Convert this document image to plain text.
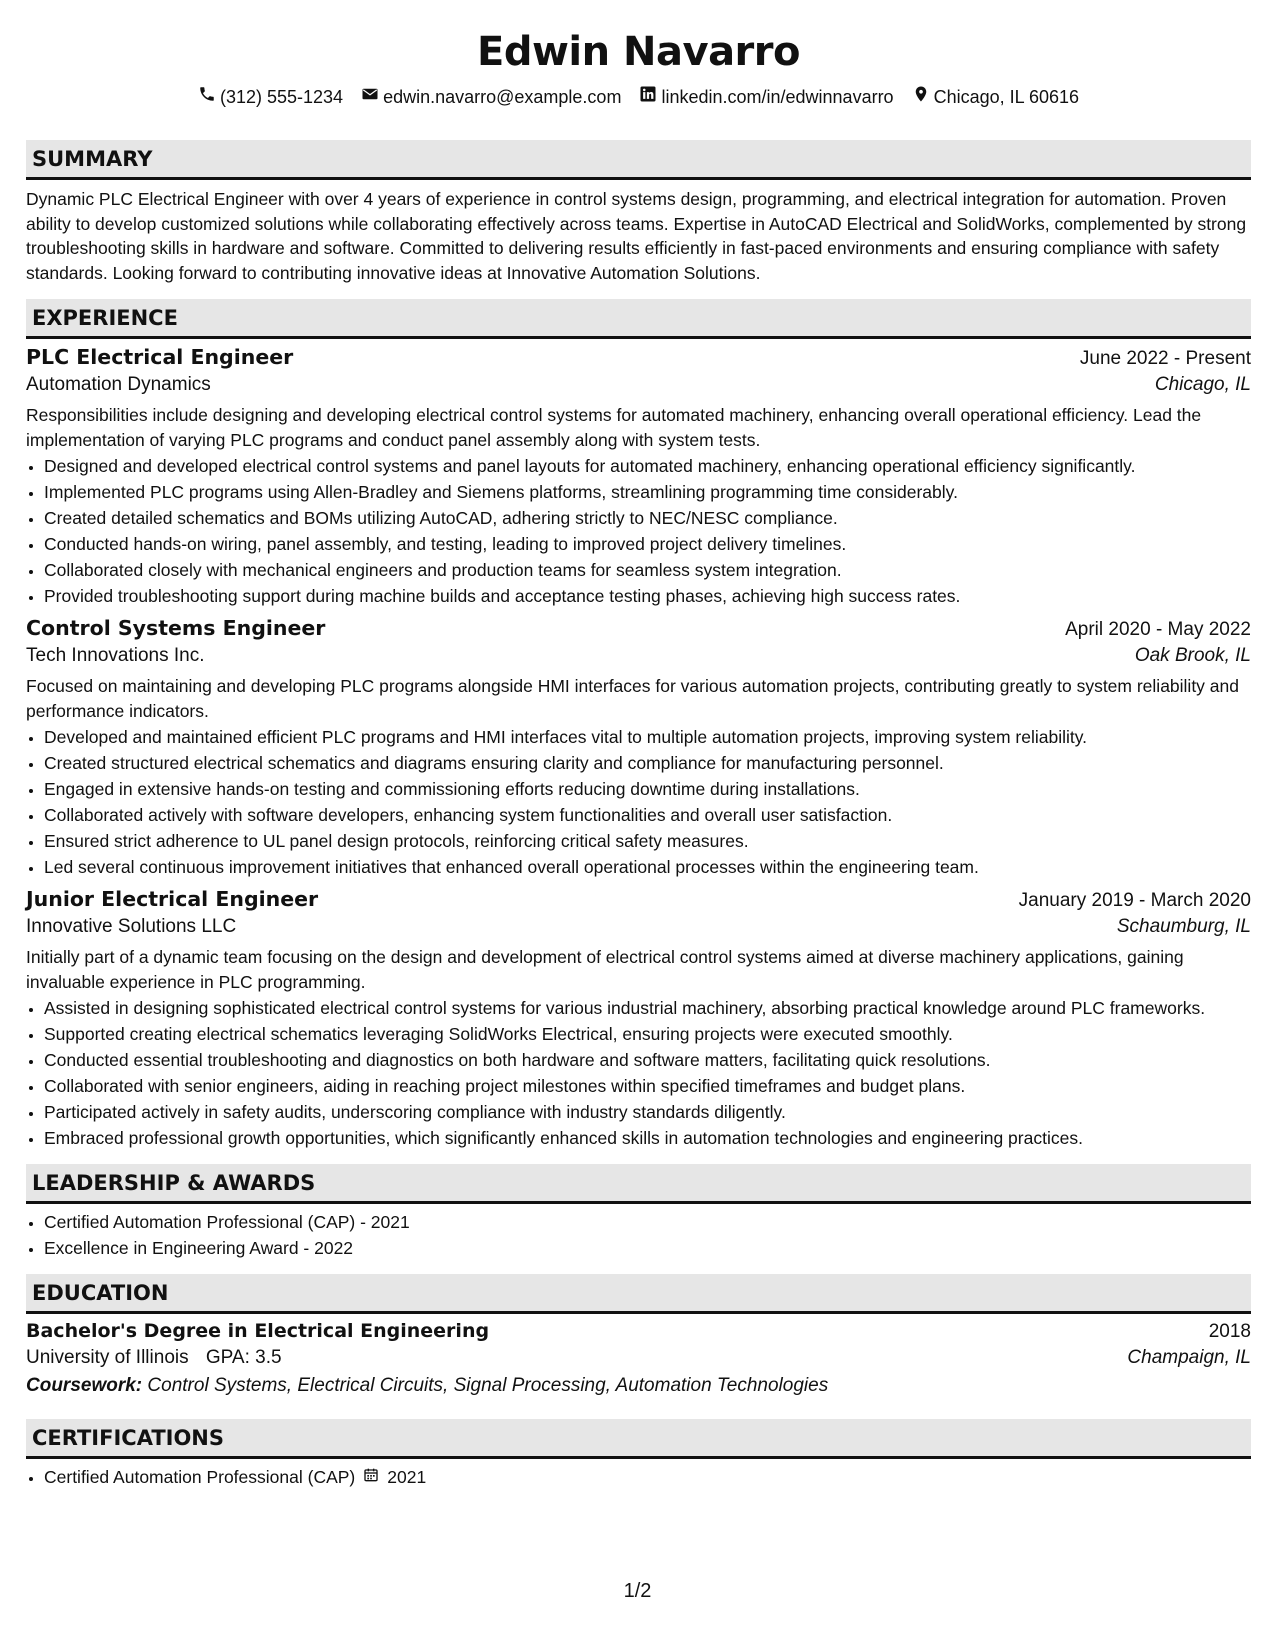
Edwin Navarro
(312) 555-1234 edwin.navarro@example.com linkedin.com/in/edwinnavarro Chicago, IL 60616
SUMMARY

Dynamic PLC Electrical Engineer with over 4 years of experience in control systems design, programming, and electrical integration for automation. Proven ability to develop customized solutions while collaborating effectively across teams. Expertise in AutoCAD Electrical and SolidWorks, complemented by strong troubleshooting skills in hardware and software. Committed to delivering results efficiently in fast-paced environments and ensuring compliance with safety standards. Looking forward to contributing innovative ideas at Innovative Automation Solutions.

EXPERIENCE
PLC Electrical Engineer	June 2022 - Present
Automation Dynamics	Chicago, IL

Responsibilities include designing and developing electrical control systems for automated machinery, enhancing overall operational efficiency. Lead the implementation of varying PLC programs and conduct panel assembly along with system tests.

• Designed and developed electrical control systems and panel layouts for automated machinery, enhancing operational efficiency significantly.
• Implemented PLC programs using Allen-Bradley and Siemens platforms, streamlining programming time considerably.
• Created detailed schematics and BOMs utilizing AutoCAD, adhering strictly to NEC/NESC compliance.
• Conducted hands-on wiring, panel assembly, and testing, leading to improved project delivery timelines.
• Collaborated closely with mechanical engineers and production teams for seamless system integration.
• Provided troubleshooting support during machine builds and acceptance testing phases, achieving high success rates.
Control Systems Engineer	April 2020 - May 2022
Tech Innovations Inc.	Oak Brook, IL

Focused on maintaining and developing PLC programs alongside HMI interfaces for various automation projects, contributing greatly to system reliability and performance indicators.

• Developed and maintained efficient PLC programs and HMI interfaces vital to multiple automation projects, improving system reliability.
• Created structured electrical schematics and diagrams ensuring clarity and compliance for manufacturing personnel.
• Engaged in extensive hands-on testing and commissioning efforts reducing downtime during installations.
• Collaborated actively with software developers, enhancing system functionalities and overall user satisfaction.
• Ensured strict adherence to UL panel design protocols, reinforcing critical safety measures.
• Led several continuous improvement initiatives that enhanced overall operational processes within the engineering team.
Junior Electrical Engineer	January 2019 - March 2020
Innovative Solutions LLC	Schaumburg, IL

Initially part of a dynamic team focusing on the design and development of electrical control systems aimed at diverse machinery applications, gaining invaluable experience in PLC programming.

• Assisted in designing sophisticated electrical control systems for various industrial machinery, absorbing practical knowledge around PLC frameworks.
• Supported creating electrical schematics leveraging SolidWorks Electrical, ensuring projects were executed smoothly.
• Conducted essential troubleshooting and diagnostics on both hardware and software matters, facilitating quick resolutions.
• Collaborated with senior engineers, aiding in reaching project milestones within specified timeframes and budget plans.
• Participated actively in safety audits, underscoring compliance with industry standards diligently.
• Embraced professional growth opportunities, which significantly enhanced skills in automation technologies and engineering practices.
LEADERSHIP & AWARDS
• Certified Automation Professional (CAP) - 2021
• Excellence in Engineering Award - 2022
EDUCATION
Bachelor's Degree in Electrical Engineering	2018
University of Illinois GPA: 3.5	Champaign, IL
Coursework: Control Systems, Electrical Circuits, Signal Processing, Automation Technologies
CERTIFICATIONS
• Certified Automation Professional (CAP) 2021
1/2
